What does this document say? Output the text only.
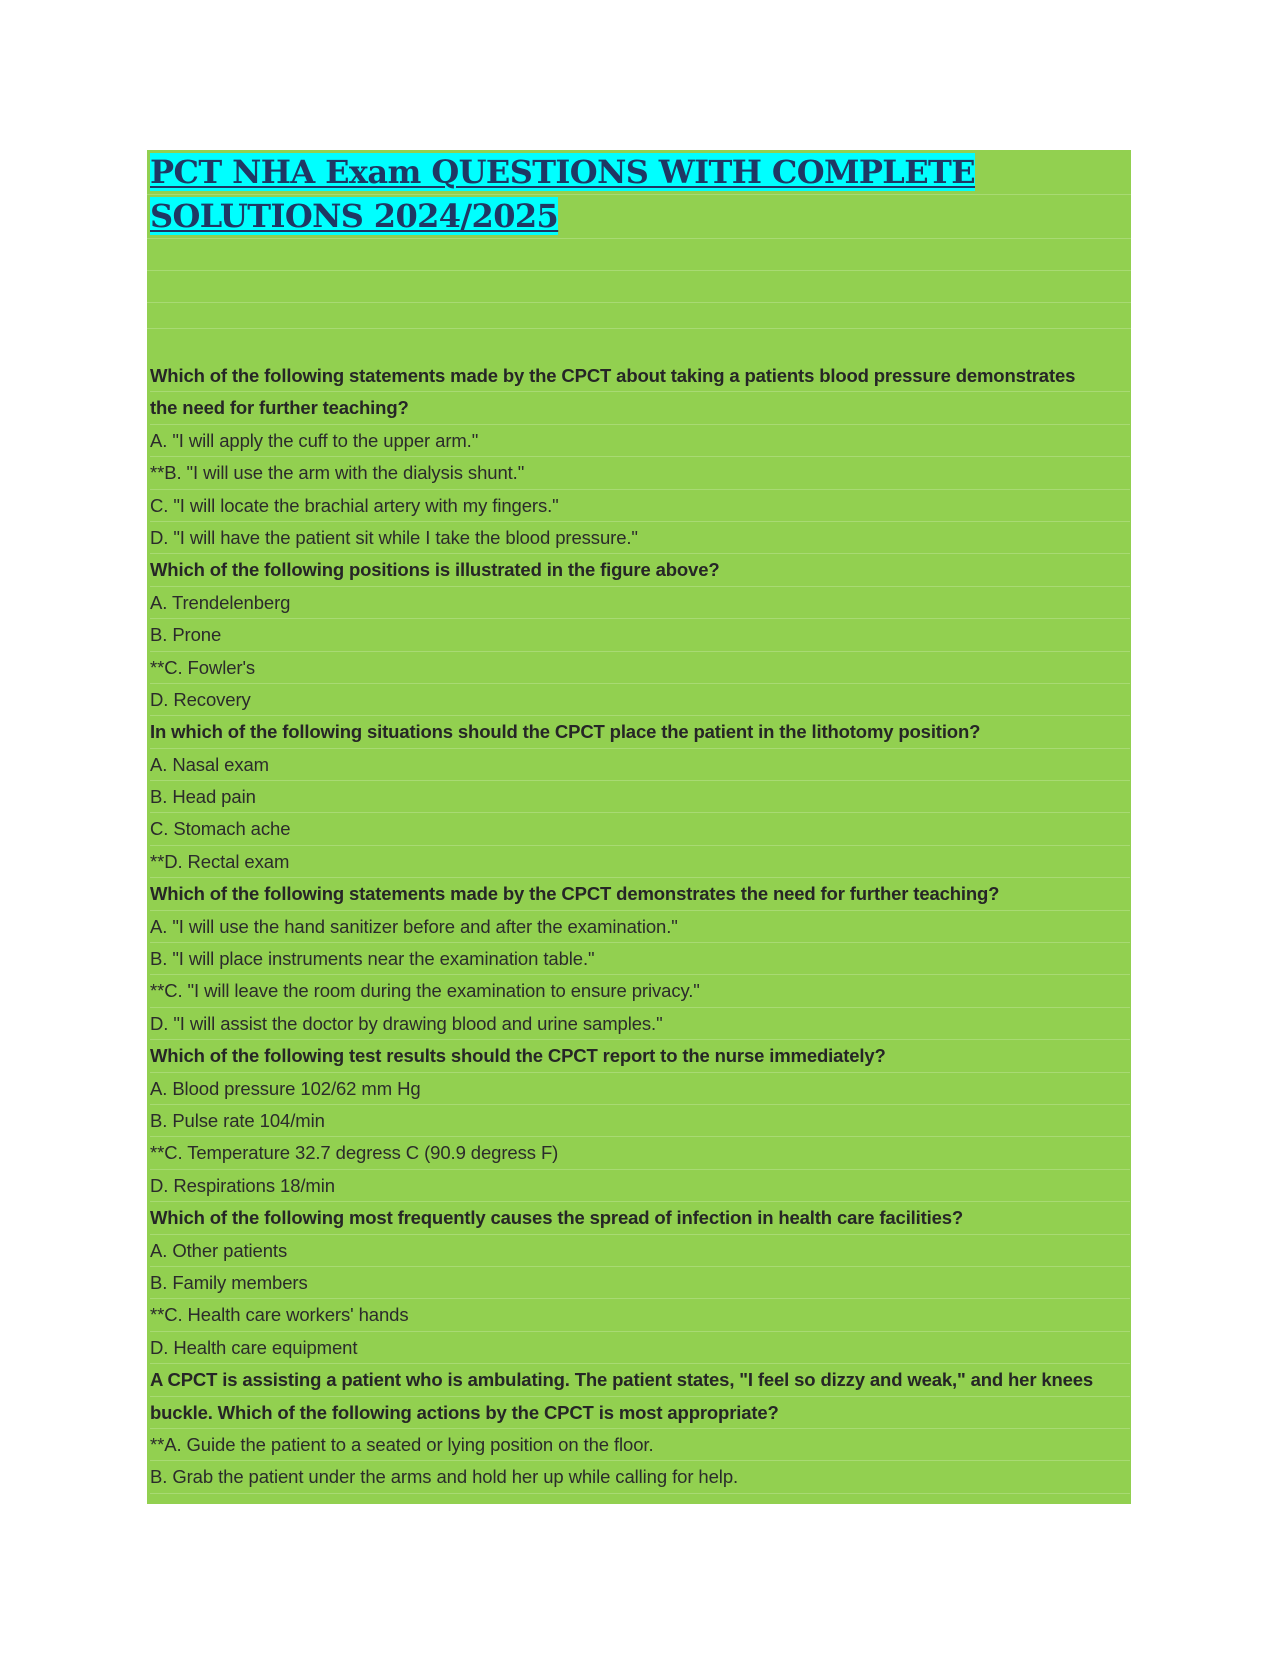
PCT NHA Exam QUESTIONS WITH COMPLETE SOLUTIONS 2024/2025
Which of the following statements made by the CPCT about taking a patients blood pressure demonstrates
the need for further teaching?
A. "I will apply the cuff to the upper arm."
**B. "I will use the arm with the dialysis shunt."
C. "I will locate the brachial artery with my fingers."
D. "I will have the patient sit while I take the blood pressure."
Which of the following positions is illustrated in the figure above?
A. Trendelenberg
B. Prone
**C. Fowler's
D. Recovery
In which of the following situations should the CPCT place the patient in the lithotomy position?
A. Nasal exam
B. Head pain
C. Stomach ache
**D. Rectal exam
Which of the following statements made by the CPCT demonstrates the need for further teaching?
A. "I will use the hand sanitizer before and after the examination."
B. "I will place instruments near the examination table."
**C. "I will leave the room during the examination to ensure privacy."
D. "I will assist the doctor by drawing blood and urine samples."
Which of the following test results should the CPCT report to the nurse immediately?
A. Blood pressure 102/62 mm Hg
B. Pulse rate 104/min
**C. Temperature 32.7 degress C (90.9 degress F)
D. Respirations 18/min
Which of the following most frequently causes the spread of infection in health care facilities?
A. Other patients
B. Family members
**C. Health care workers' hands
D. Health care equipment
A CPCT is assisting a patient who is ambulating. The patient states, "I feel so dizzy and weak," and her knees
buckle. Which of the following actions by the CPCT is most appropriate?
**A. Guide the patient to a seated or lying position on the floor.
B. Grab the patient under the arms and hold her up while calling for help.
